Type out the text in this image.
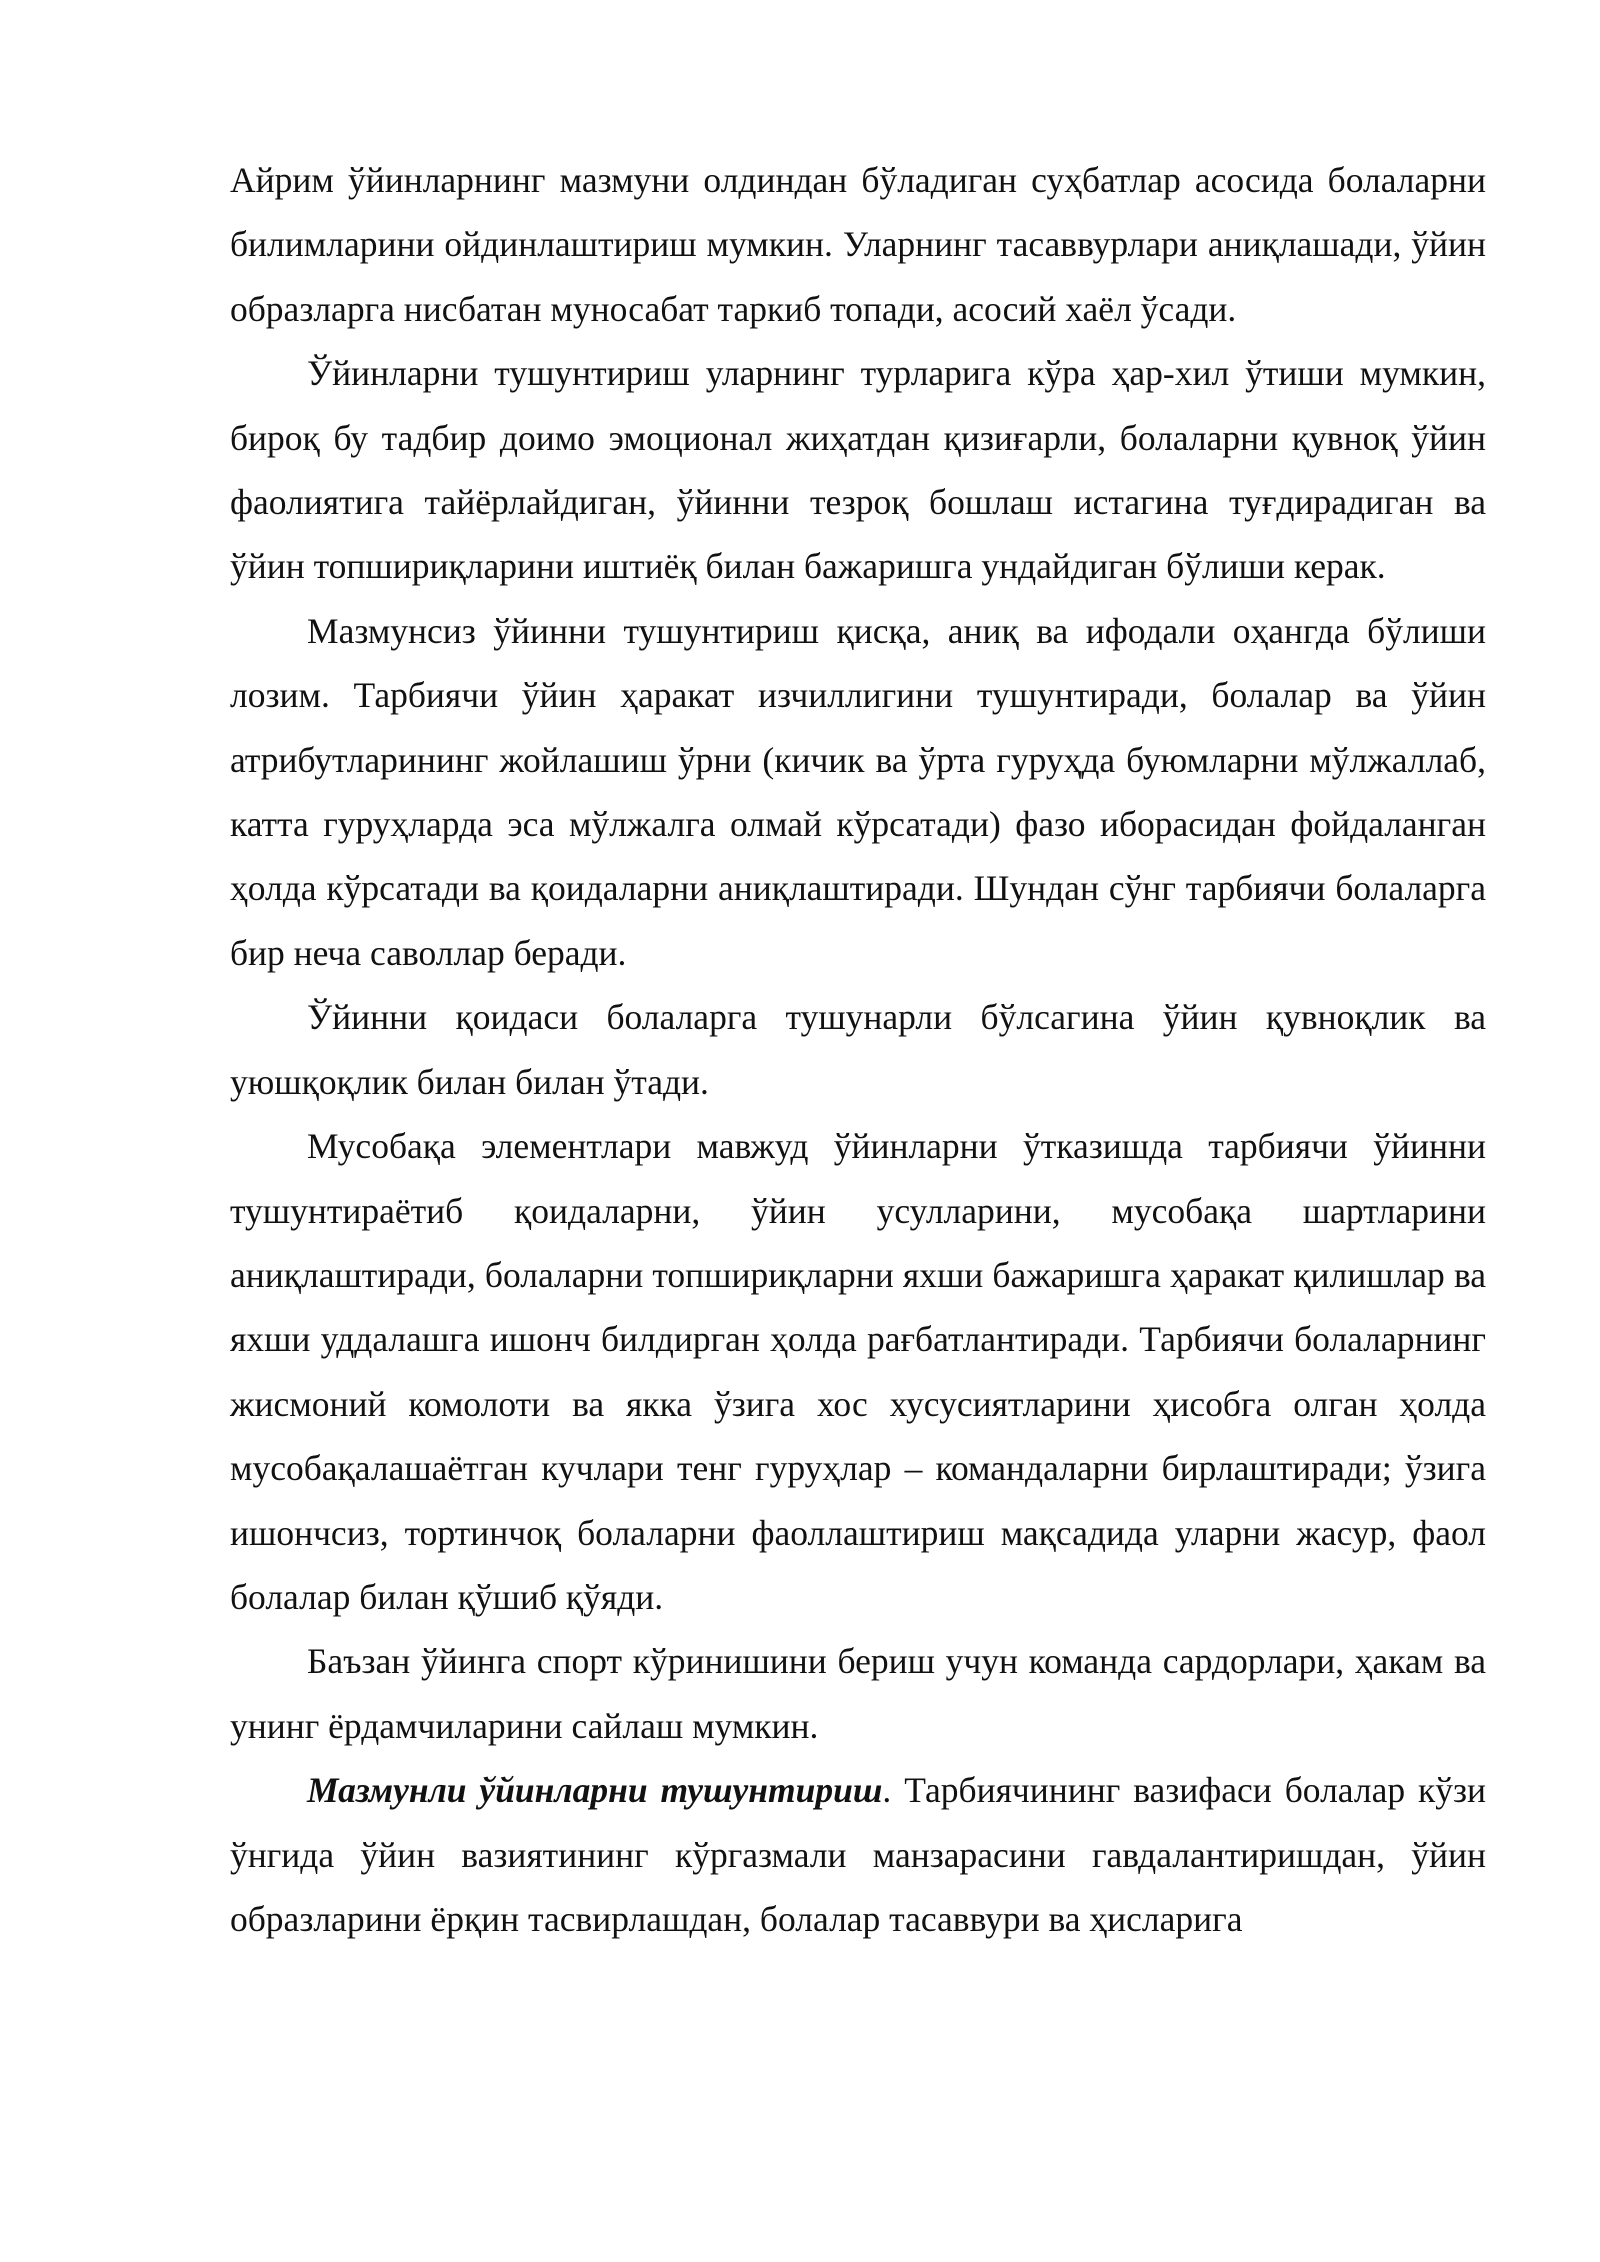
Айрим ўйинларнинг мазмуни олдиндан бўладиган суҳбатлар асосида болаларни билимларини ойдинлаштириш мумкин. Уларнинг тасаввурлари аниқлашади, ўйин образларга нисбатан муносабат таркиб топади, асосий хаёл ўсади.

Ўйинларни тушунтириш уларнинг турларига кўра ҳар-хил ўтиши мумкин, бироқ бу тадбир доимо эмоционал жиҳатдан қизиғарли, болаларни қувноқ ўйин фаолиятига тайёрлайдиган, ўйинни тезроқ бошлаш истагина туғдирадиган ва ўйин топшириқларини иштиёқ билан бажаришга ундайдиган бўлиши керак.

Мазмунсиз ўйинни тушунтириш қисқа, аниқ ва ифодали оҳангда бўлиши лозим. Тарбиячи ўйин ҳаракат изчиллигини тушунтиради, болалар ва ўйин атрибутларининг жойлашиш ўрни (кичик ва ўрта гуруҳда буюмларни мўлжаллаб, катта гуруҳларда эса мўлжалга олмай кўрсатади) фазо иборасидан фойдаланган ҳолда кўрсатади ва қоидаларни аниқлаштиради. Шундан сўнг тарбиячи болаларга бир неча саволлар беради.

Ўйинни қоидаси болаларга тушунарли бўлсагина ўйин қувноқлик ва уюшқоқлик билан билан ўтади.

Мусобақа элементлари мавжуд ўйинларни ўтказишда тарбиячи ўйинни тушунтираётиб қоидаларни, ўйин усулларини, мусобақа шартларини аниқлаштиради, болаларни топшириқларни яхши бажаришга ҳаракат қилишлар ва яхши уддалашга ишонч билдирган ҳолда рағбатлантиради. Тарбиячи болаларнинг жисмоний комолоти ва якка ўзига хос хусусиятларини ҳисобга олган ҳолда мусобақалашаётган кучлари тенг гуруҳлар – командаларни бирлаштиради; ўзига ишончсиз, тортинчоқ болаларни фаоллаштириш мақсадида уларни жасур, фаол болалар билан қўшиб қўяди.

Баъзан ўйинга спорт кўринишини бериш учун команда сардорлари, ҳакам ва унинг ёрдамчиларини сайлаш мумкин.

Мазмунли ўйинларни тушунтириш. Тарбиячининг вазифаси болалар кўзи ўнгида ўйин вазиятининг кўргазмали манзарасини гавдалантиришдан, ўйин образларини ёрқин тасвирлашдан, болалар тасаввури ва ҳисларига
